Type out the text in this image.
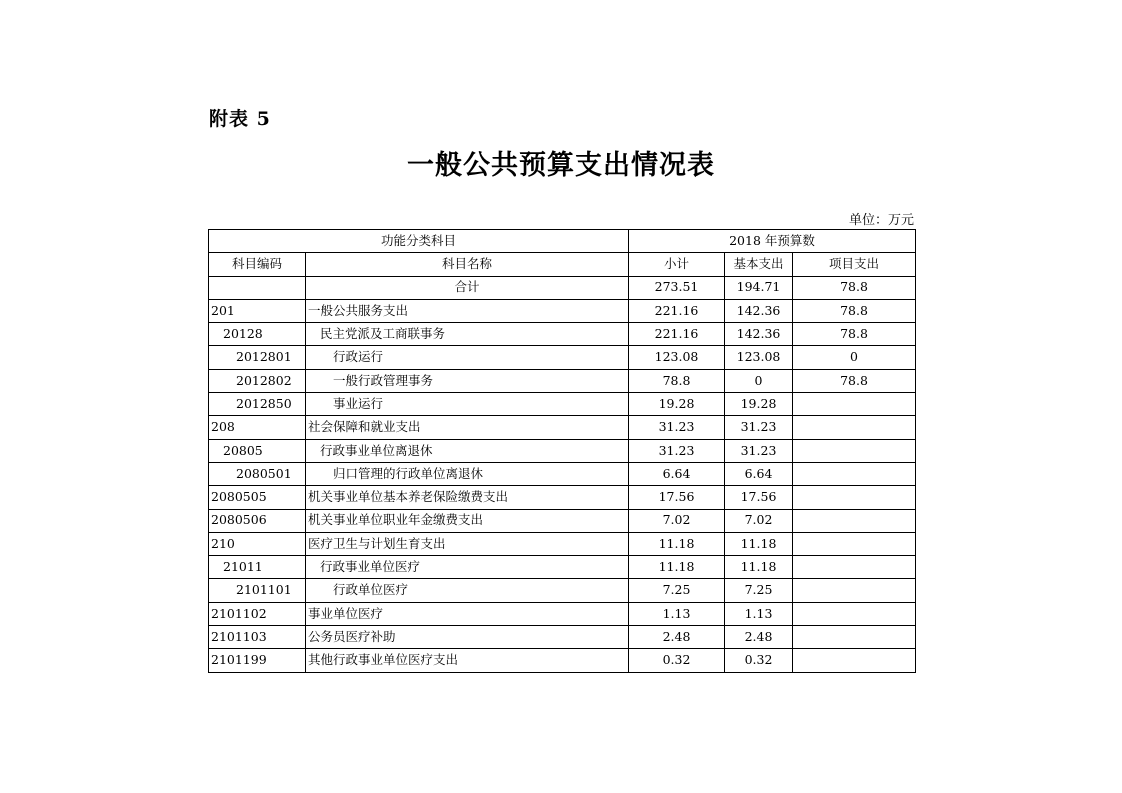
附表 5
一般公共预算支出情况表
单位：万元
功能分类科目		2018 年预算数		
科目编码	科目名称	小计	基本支出	项目支出
	合计	273.51	194.71	78.8
201	一般公共服务支出	221.16	142.36	78.8
20128	民主党派及工商联事务	221.16	142.36	78.8
2012801	行政运行	123.08	123.08	0
2012802	一般行政管理事务	78.8	0	78.8
2012850	事业运行	19.28	19.28	
208	社会保障和就业支出	31.23	31.23	
20805	行政事业单位离退休	31.23	31.23	
2080501	归口管理的行政单位离退休	6.64	6.64	
2080505	机关事业单位基本养老保险缴费支出	17.56	17.56	
2080506	机关事业单位职业年金缴费支出	7.02	7.02	
210	医疗卫生与计划生育支出	11.18	11.18	
21011	行政事业单位医疗	11.18	11.18	
2101101	行政单位医疗	7.25	7.25	
2101102	事业单位医疗	1.13	1.13	
2101103	公务员医疗补助	2.48	2.48	
2101199	其他行政事业单位医疗支出	0.32	0.32	
